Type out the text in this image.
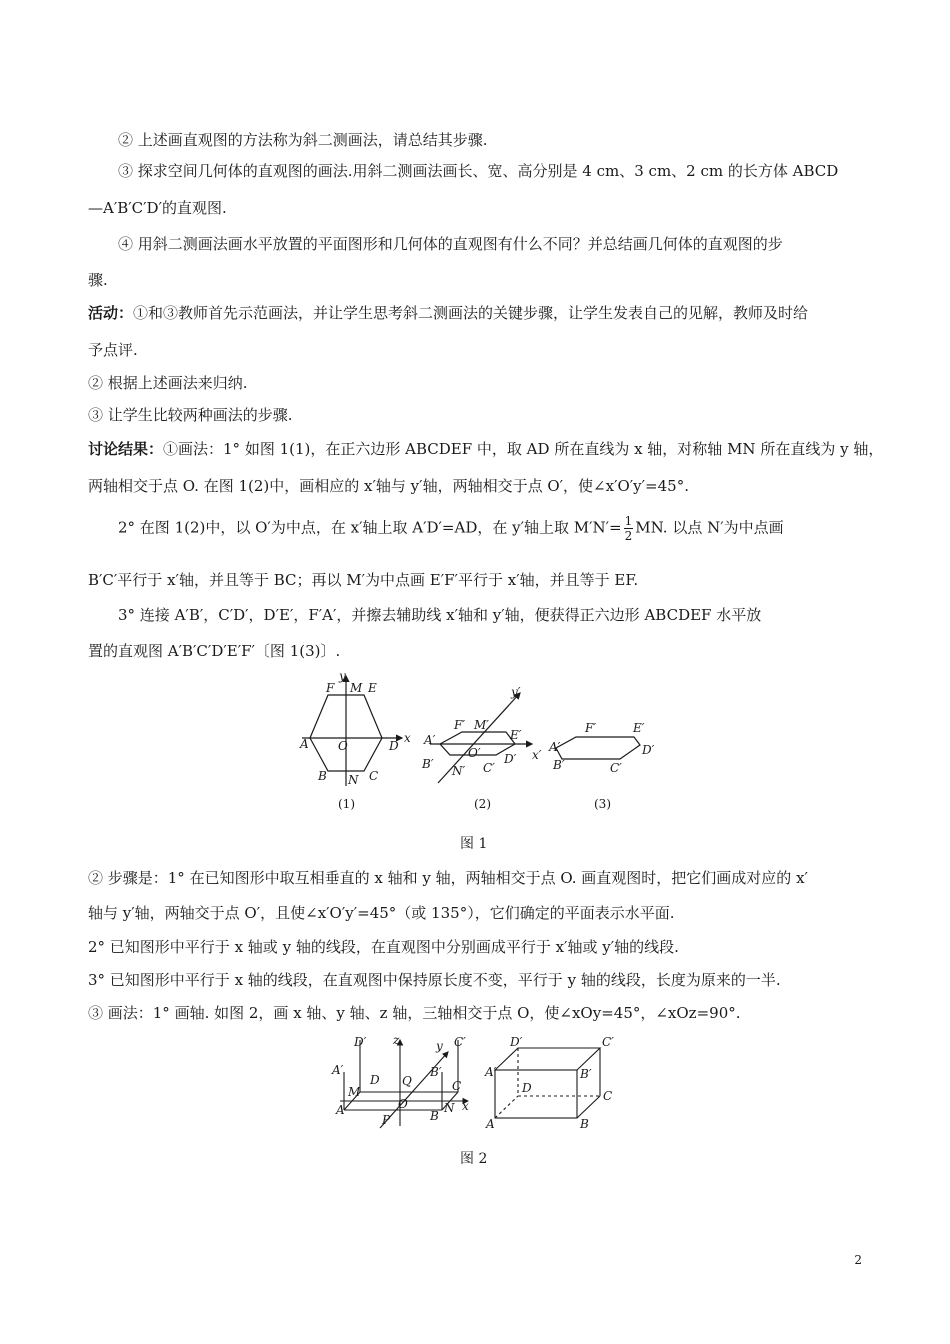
② 上述画直观图的方法称为斜二测画法，请总结其步骤.
③ 探求空间几何体的直观图的画法.用斜二测画法画长、宽、高分别是 4 cm、3 cm、2 cm 的长方体 ABCD
—A′B′C′D′的直观图.
④ 用斜二测画法画水平放置的平面图形和几何体的直观图有什么不同？并总结画几何体的直观图的步
骤.
活动：①和③教师首先示范画法，并让学生思考斜二测画法的关键步骤，让学生发表自己的见解，教师及时给
予点评.
② 根据上述画法来归纳.
③ 让学生比较两种画法的步骤.
讨论结果：①画法：1° 如图 1(1)，在正六边形 ABCDEF 中，取 AD 所在直线为 x 轴，对称轴 MN 所在直线为 y 轴，
两轴相交于点 O. 在图 1(2)中，画相应的 x′轴与 y′轴，两轴相交于点 O′，使∠x′O′y′=45°.
2° 在图 1(2)中，以 O′为中点，在 x′轴上取 A′D′=AD，在 y′轴上取 $M'N'= \frac{1}{2}$ MN. 以点 N′为中点画
B′C′平行于 x′轴，并且等于 BC；再以 M′为中点画 E′F′平行于 x′轴，并且等于 EF.
3° 连接 A′B′，C′D′，D′E′，F′A′，并擦去辅助线 x′轴和 y′轴，便获得正六边形 ABCDEF 水平放
置的直观图 A′B′C′D′E′F′〔图 1(3)〕.
y
x
F M E
A O	D
B N C
(1)
y′
F′ M′
E′
A′
O′ D′ x′
B′ N′ C′
(2)
F′	E′
A′	D′
B′	C′
(3)
图 1
② 步骤是：1° 在已知图形中取互相垂直的 x 轴和 y 轴，两轴相交于点 O. 画直观图时，把它们画成对应的 x′
轴与 y′轴，两轴交于点 O′，且使∠x′O′y′=45°（或 135°），它们确定的平面表示水平面.
2° 已知图形中平行于 x 轴或 y 轴的线段，在直观图中分别画成平行于 x′轴或 y′轴的线段.
3° 已知图形中平行于 x 轴的线段，在直观图中保持原长度不变，平行于 y 轴的线段，长度为原来的一半.
③ 画法：1° 画轴. 如图 2，画 x 轴、y 轴、z 轴，三轴相交于点 O，使∠xOy=45°，∠xOz=90°.
D′ z	y C′
A′
Q
B′
M
D	C
A	O	N x
P	B
D′	C′
A′	B′
D
C
A	B
图 2
2
